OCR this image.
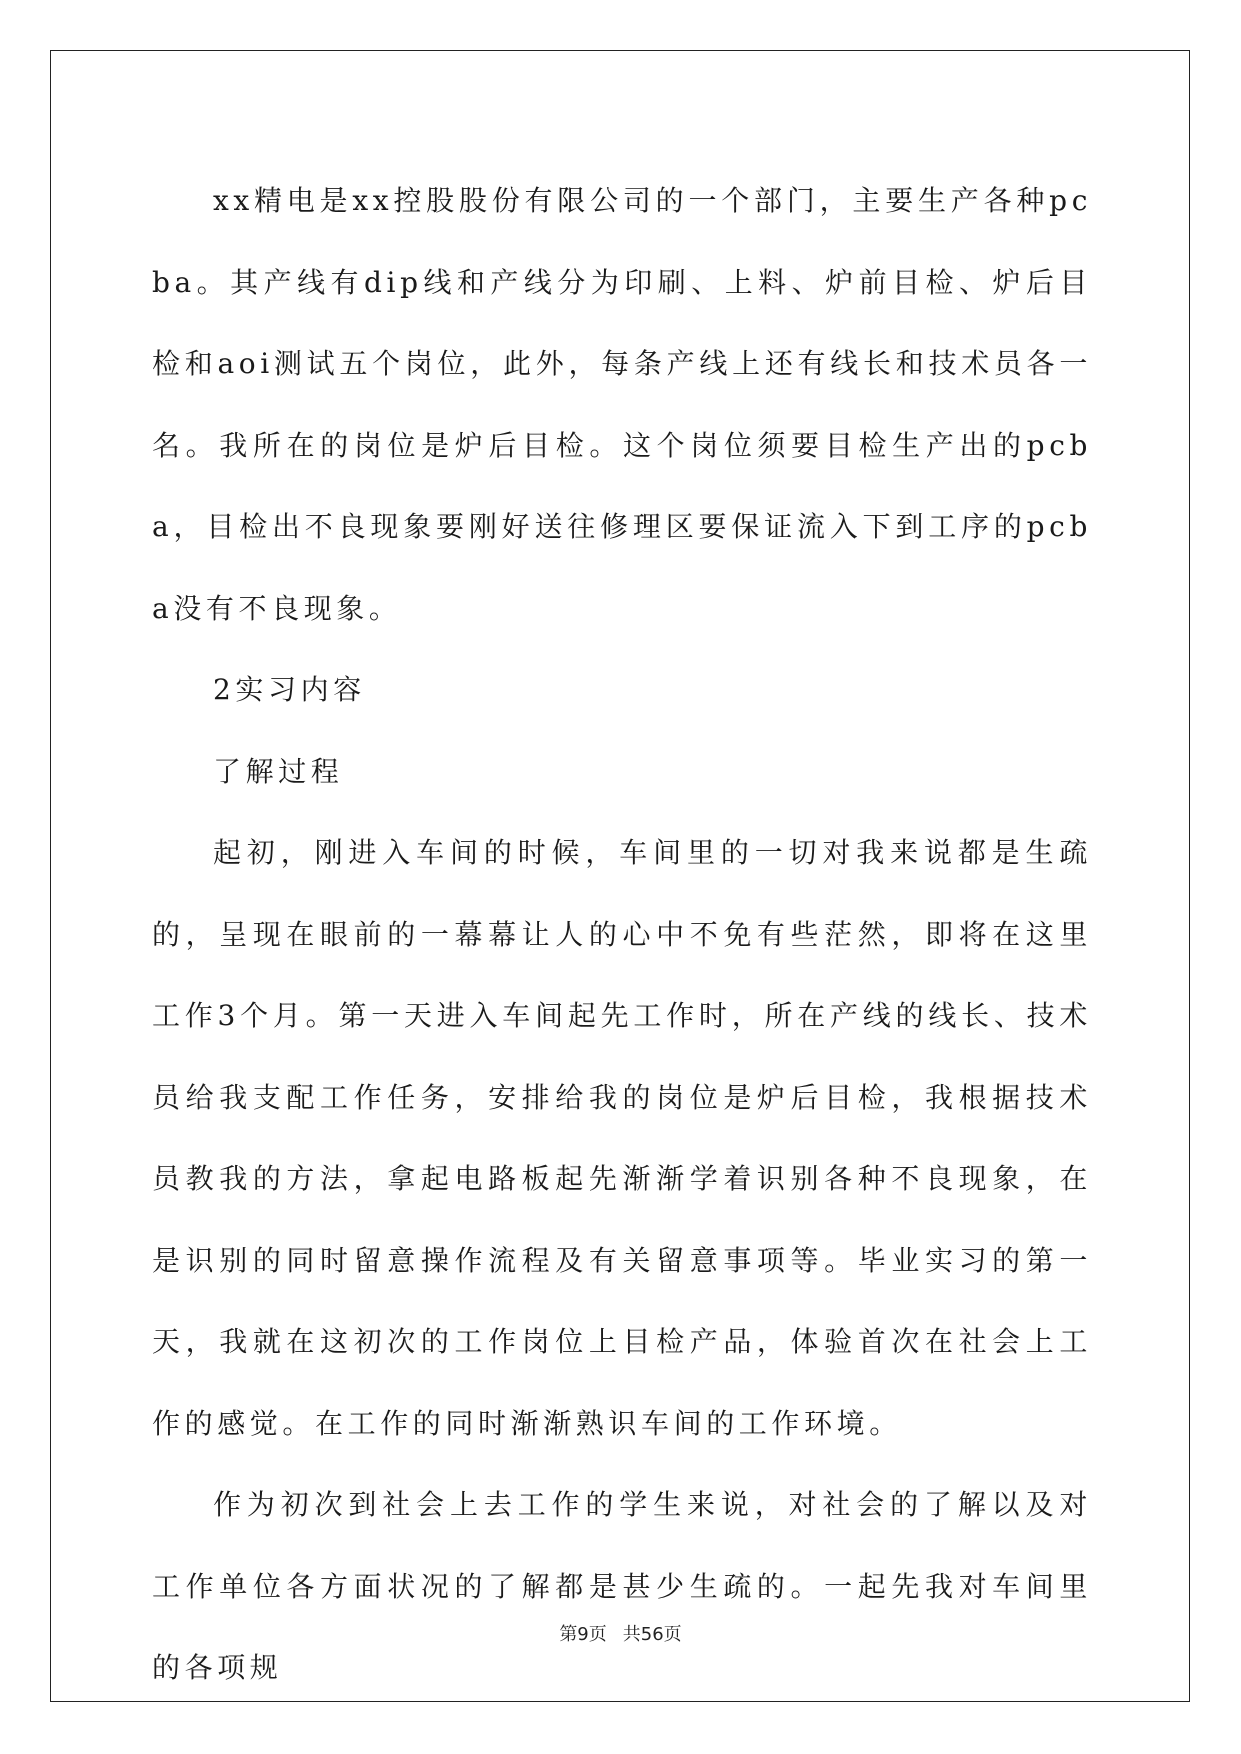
xx精电是xx控股股份有限公司的一个部门，主要生产各种pcba。其产线有dip线和产线分为印刷、上料、炉前目检、炉后目检和aoi测试五个岗位，此外，每条产线上还有线长和技术员各一名。我所在的岗位是炉后目检。这个岗位须要目检生产出的pcba，目检出不良现象要刚好送往修理区要保证流入下到工序的pcba没有不良现象。

2实习内容

了解过程

起初，刚进入车间的时候，车间里的一切对我来说都是生疏的，呈现在眼前的一幕幕让人的心中不免有些茫然，即将在这里工作3个月。第一天进入车间起先工作时，所在产线的线长、技术员给我支配工作任务，安排给我的岗位是炉后目检，我根据技术员教我的方法，拿起电路板起先渐渐学着识别各种不良现象，在是识别的同时留意操作流程及有关留意事项等。毕业实习的第一天，我就在这初次的工作岗位上目检产品，体验首次在社会上工作的感觉。在工作的同时渐渐熟识车间的工作环境。

作为初次到社会上去工作的学生来说，对社会的了解以及对工作单位各方面状况的了解都是甚少生疏的。一起先我对车间里的各项规

第9页 共56页
